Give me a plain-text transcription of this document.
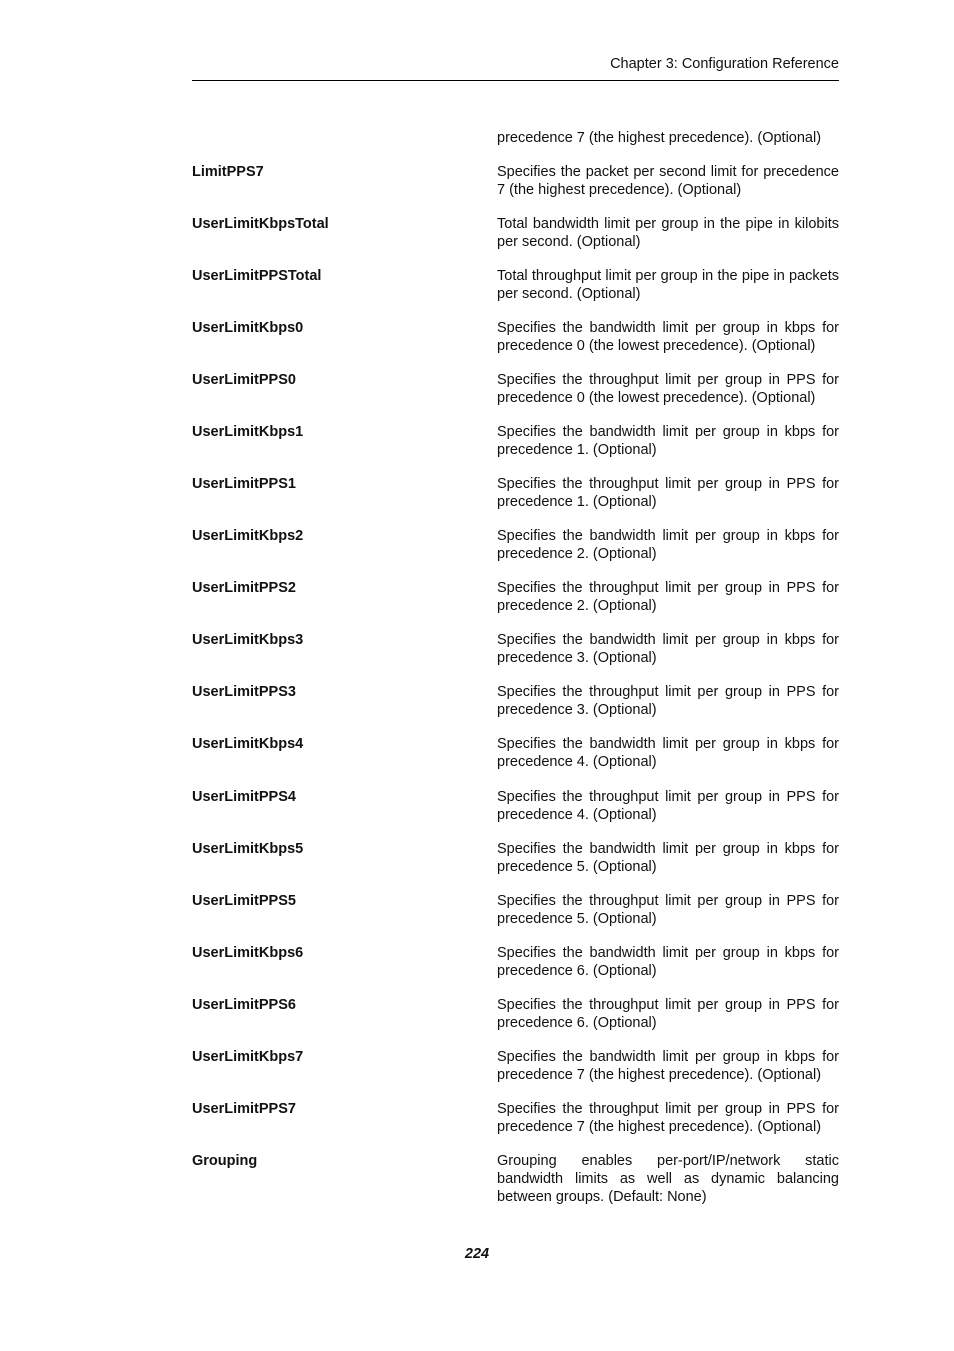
Chapter 3: Configuration Reference
precedence 7 (the highest precedence). (Optional)
LimitPPS7	Specifies the packet per second limit for precedence 7 (the highest precedence). (Optional)
UserLimitKbpsTotal	Total bandwidth limit per group in the pipe in kilobits per second. (Optional)
UserLimitPPSTotal	Total throughput limit per group in the pipe in packets per second. (Optional)
UserLimitKbps0	Specifies the bandwidth limit per group in kbps for precedence 0 (the lowest precedence). (Optional)
UserLimitPPS0	Specifies the throughput limit per group in PPS for precedence 0 (the lowest precedence). (Optional)
UserLimitKbps1	Specifies the bandwidth limit per group in kbps for precedence 1. (Optional)
UserLimitPPS1	Specifies the throughput limit per group in PPS for precedence 1. (Optional)
UserLimitKbps2	Specifies the bandwidth limit per group in kbps for precedence 2. (Optional)
UserLimitPPS2	Specifies the throughput limit per group in PPS for precedence 2. (Optional)
UserLimitKbps3	Specifies the bandwidth limit per group in kbps for precedence 3. (Optional)
UserLimitPPS3	Specifies the throughput limit per group in PPS for precedence 3. (Optional)
UserLimitKbps4	Specifies the bandwidth limit per group in kbps for precedence 4. (Optional)
UserLimitPPS4	Specifies the throughput limit per group in PPS for precedence 4. (Optional)
UserLimitKbps5	Specifies the bandwidth limit per group in kbps for precedence 5. (Optional)
UserLimitPPS5	Specifies the throughput limit per group in PPS for precedence 5. (Optional)
UserLimitKbps6	Specifies the bandwidth limit per group in kbps for precedence 6. (Optional)
UserLimitPPS6	Specifies the throughput limit per group in PPS for precedence 6. (Optional)
UserLimitKbps7	Specifies the bandwidth limit per group in kbps for precedence 7 (the highest precedence). (Optional)
UserLimitPPS7	Specifies the throughput limit per group in PPS for precedence 7 (the highest precedence). (Optional)
Grouping	Grouping enables per-port/IP/network static bandwidth limits as well as dynamic balancing between groups. (Default: None)
224
